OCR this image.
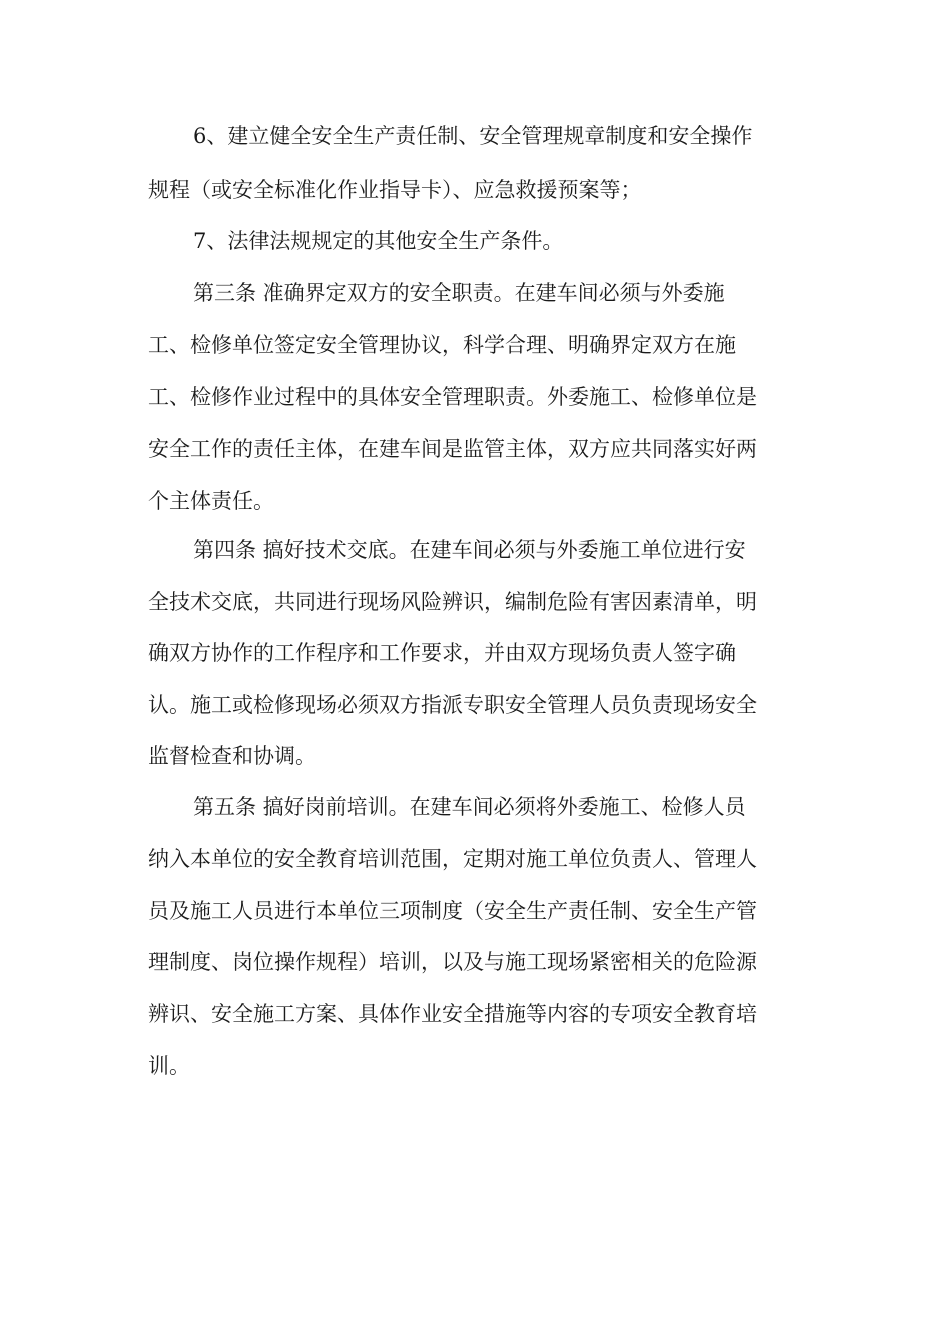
6、建立健全安全生产责任制、安全管理规章制度和安全操作
规程（或安全标准化作业指导卡）、应急救援预案等；
7、法律法规规定的其他安全生产条件。
第三条 准确界定双方的安全职责。在建车间必须与外委施
工、检修单位签定安全管理协议，科学合理、明确界定双方在施
工、检修作业过程中的具体安全管理职责。外委施工、检修单位是
安全工作的责任主体，在建车间是监管主体，双方应共同落实好两
个主体责任。
第四条 搞好技术交底。在建车间必须与外委施工单位进行安
全技术交底，共同进行现场风险辨识，编制危险有害因素清单，明
确双方协作的工作程序和工作要求，并由双方现场负责人签字确
认。施工或检修现场必须双方指派专职安全管理人员负责现场安全
监督检查和协调。
第五条 搞好岗前培训。在建车间必须将外委施工、检修人员
纳入本单位的安全教育培训范围，定期对施工单位负责人、管理人
员及施工人员进行本单位三项制度（安全生产责任制、安全生产管
理制度、岗位操作规程）培训，以及与施工现场紧密相关的危险源
辨识、安全施工方案、具体作业安全措施等内容的专项安全教育培
训。
